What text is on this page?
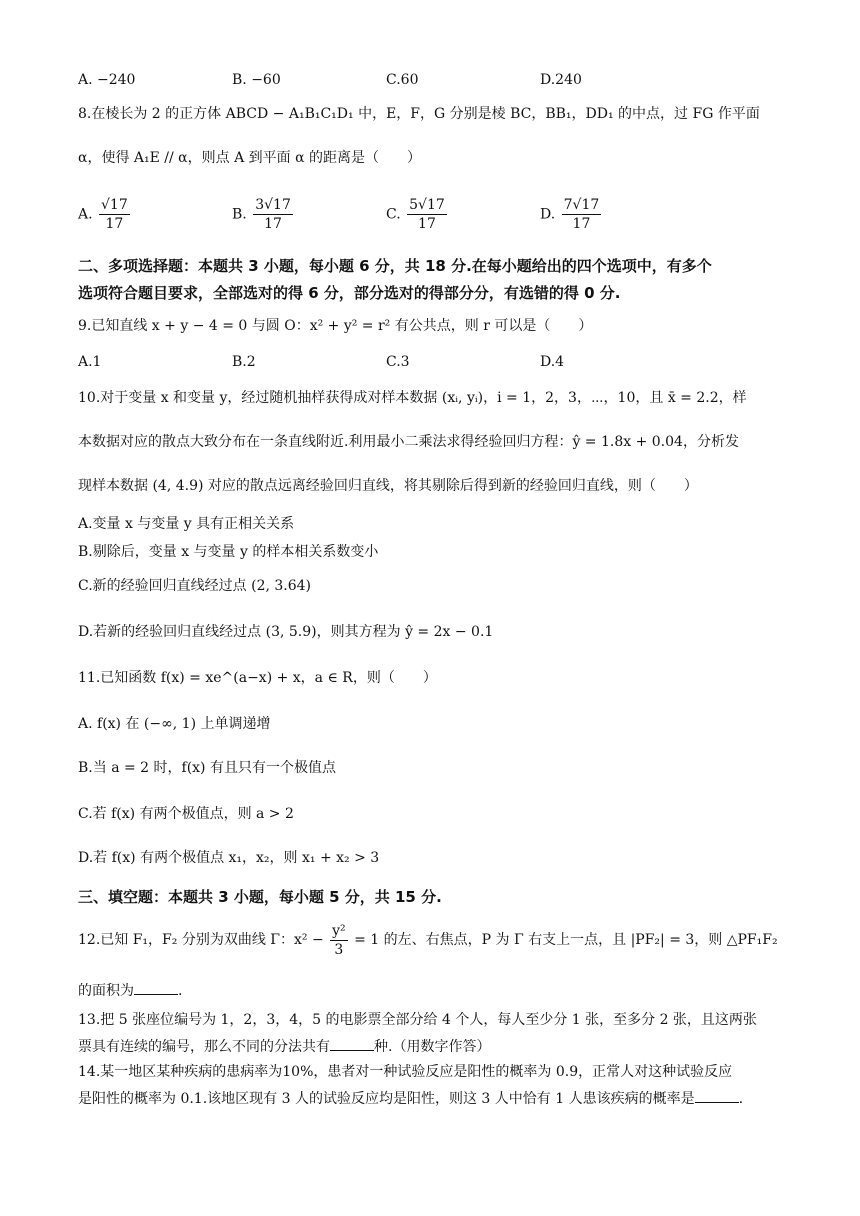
A. −240	B. −60	C.60	D.240
8.在棱长为 2 的正方体 ABCD − A₁B₁C₁D₁ 中，E，F，G 分别是棱 BC，BB₁，DD₁ 的中点，过 FG 作平面
α，使得 A₁E // α，则点 A 到平面 α 的距离是（　　）
A. $\frac{√17}{17}$	B. $\frac{3√17}{17}$	C. $\frac{5√17}{17}$	D. $\frac{7√17}{17}$
二、多项选择题：本题共 3 小题，每小题 6 分，共 18 分.在每小题给出的四个选项中，有多个
选项符合题目要求，全部选对的得 6 分，部分选对的得部分分，有选错的得 0 分.
9.已知直线 x + y − 4 = 0 与圆 O：x² + y² = r² 有公共点，则 r 可以是（　　）
A.1	B.2	C.3	D.4
10.对于变量 x 和变量 y，经过随机抽样获得成对样本数据 (xᵢ, yᵢ)，i = 1，2，3，⋯，10，且 x̄ = 2.2，样
本数据对应的散点大致分布在一条直线附近.利用最小二乘法求得经验回归方程：ŷ = 1.8x + 0.04，分析发
现样本数据 (4, 4.9) 对应的散点远离经验回归直线，将其剔除后得到新的经验回归直线，则（　　）
A.变量 x 与变量 y 具有正相关关系
B.剔除后，变量 x 与变量 y 的样本相关系数变小
C.新的经验回归直线经过点 (2, 3.64)
D.若新的经验回归直线经过点 (3, 5.9)，则其方程为 ŷ = 2x − 0.1
11.已知函数 f(x) = xe^(a−x) + x，a ∈ R，则（　　）
A. f(x) 在 (−∞, 1) 上单调递增
B.当 a = 2 时，f(x) 有且只有一个极值点
C.若 f(x) 有两个极值点，则 a > 2
D.若 f(x) 有两个极值点 x₁，x₂，则 x₁ + x₂ > 3
三、填空题：本题共 3 小题，每小题 5 分，共 15 分.
12.已知 F₁，F₂ 分别为双曲线 Γ：$x^2 - \frac{\text{y²}}{3} = 1$ 的左、右焦点，P 为 Γ 右支上一点，且 |PF₂| = 3，则 △PF₁F₂
的面积为	.
13.把 5 张座位编号为 1，2，3，4，5 的电影票全部分给 4 个人，每人至少分 1 张，至多分 2 张，且这两张
票具有连续的编号，那么不同的分法共有	种.（用数字作答）
14.某一地区某种疾病的患病率为10%，患者对一种试验反应是阳性的概率为 0.9，正常人对这种试验反应
是阳性的概率为 0.1.该地区现有 3 人的试验反应均是阳性，则这 3 人中恰有 1 人患该疾病的概率是	.
